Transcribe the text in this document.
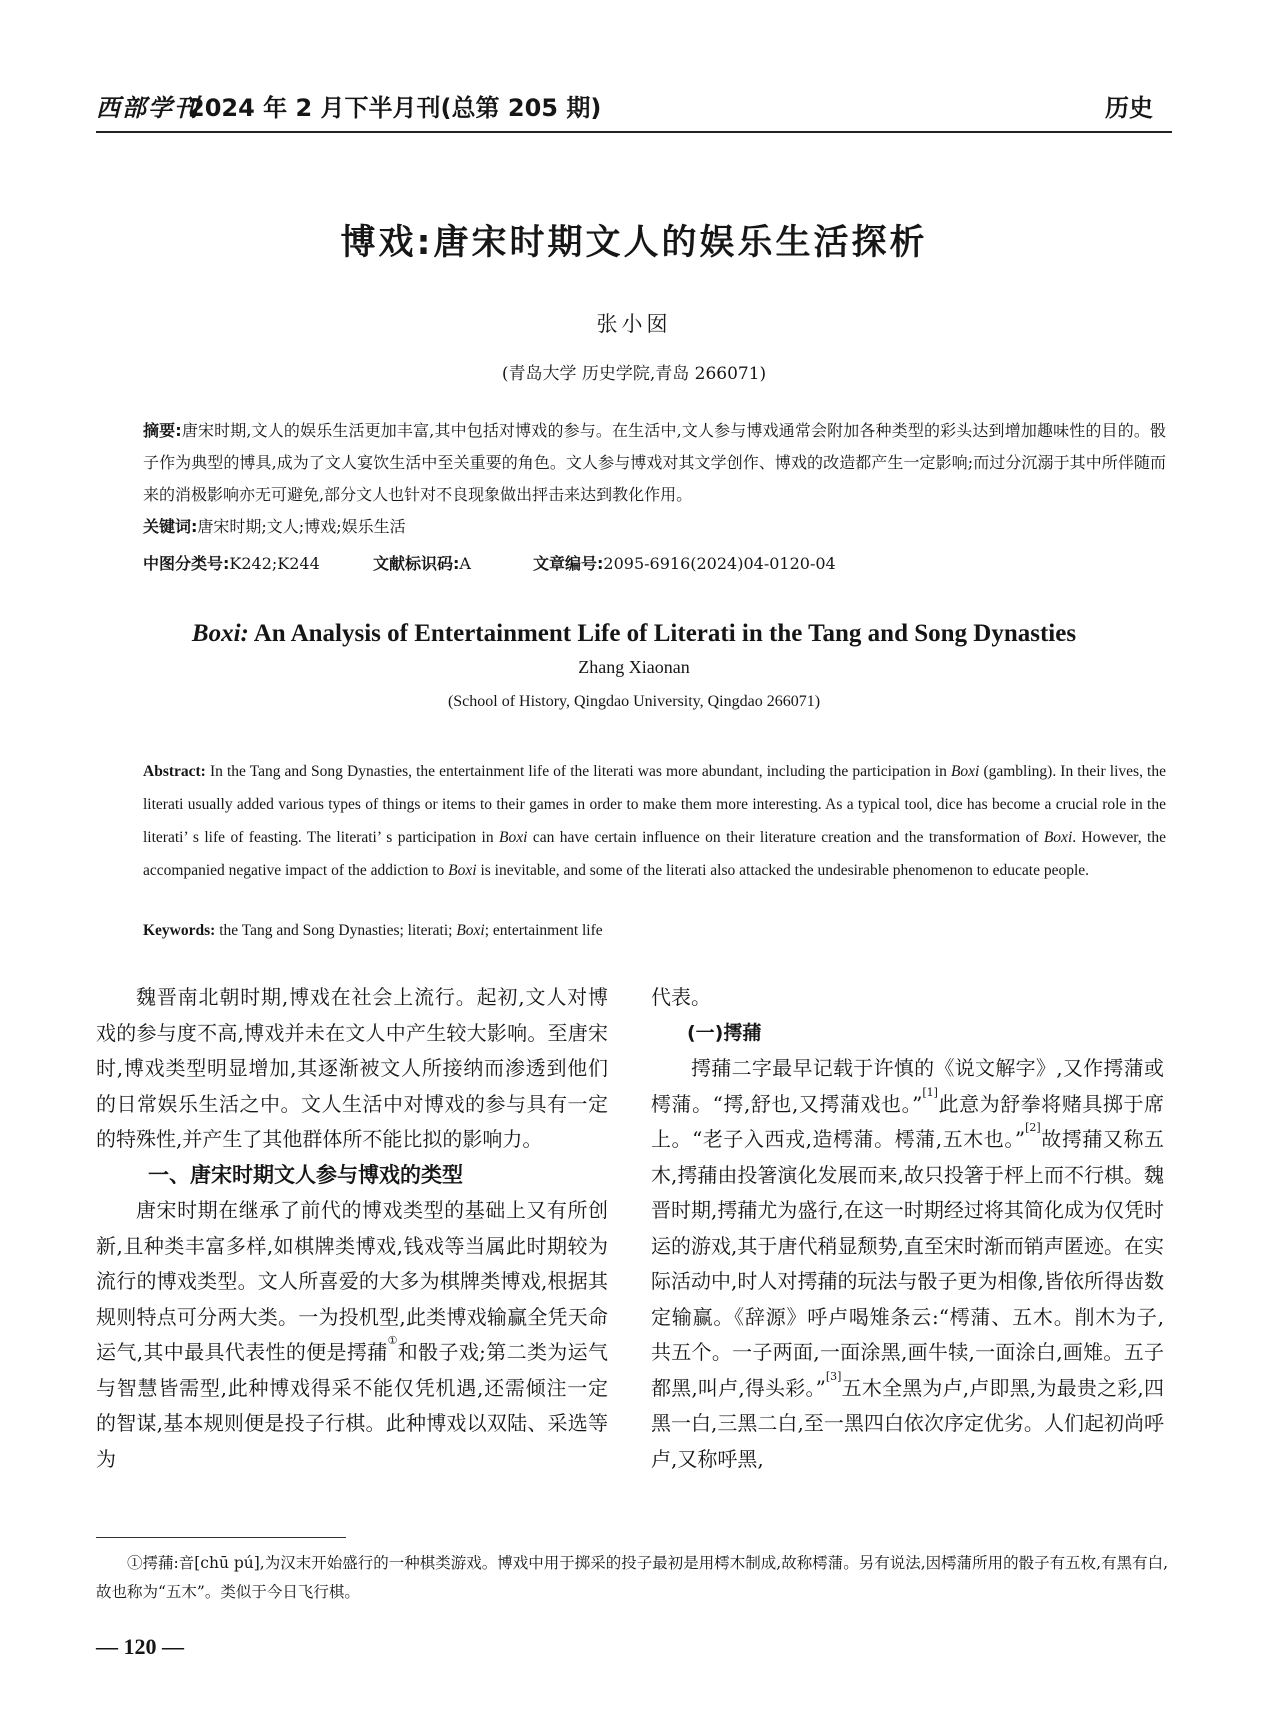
西部学刊
2024 年 2 月下半月刊(总第 205 期)	历史
博戏:唐宋时期文人的娱乐生活探析
张小囡
(青岛大学 历史学院,青岛 266071)
摘要:唐宋时期,文人的娱乐生活更加丰富,其中包括对博戏的参与。在生活中,文人参与博戏通常会附加各种类型的彩头达到增加趣味性的目的。骰子作为典型的博具,成为了文人宴饮生活中至关重要的角色。文人参与博戏对其文学创作、博戏的改造都产生一定影响;而过分沉溺于其中所伴随而来的消极影响亦无可避免,部分文人也针对不良现象做出抨击来达到教化作用。
关键词:唐宋时期;文人;博戏;娱乐生活
中图分类号:K242;K244	文献标识码:A	文章编号:2095-6916(2024)04-0120-04
Boxi: An Analysis of Entertainment Life of Literati in the Tang and Song Dynasties
Zhang Xiaonan
(School of History, Qingdao University, Qingdao 266071)
Abstract: In the Tang and Song Dynasties, the entertainment life of the literati was more abundant, including the participation in Boxi (gambling). In their lives, the literati usually added various types of things or items to their games in order to make them more interesting. As a typical tool, dice has become a crucial role in the literati’ s life of feasting. The literati’ s participation in Boxi can have certain influence on their literature creation and the transformation of Boxi. However, the accompanied negative impact of the addiction to Boxi is inevitable, and some of the literati also attacked the undesirable phenomenon to educate people.
Keywords: the Tang and Song Dynasties; literati; Boxi; entertainment life

魏晋南北朝时期,博戏在社会上流行。起初,文人对博戏的参与度不高,博戏并未在文人中产生较大影响。至唐宋时,博戏类型明显增加,其逐渐被文人所接纳而渗透到他们的日常娱乐生活之中。文人生活中对博戏的参与具有一定的特殊性,并产生了其他群体所不能比拟的影响力。

一、唐宋时期文人参与博戏的类型

唐宋时期在继承了前代的博戏类型的基础上又有所创新,且种类丰富多样,如棋牌类博戏,钱戏等当属此时期较为流行的博戏类型。文人所喜爱的大多为棋牌类博戏,根据其规则特点可分两大类。一为投机型,此类博戏输赢全凭天命运气,其中最具代表性的便是摴蒱①和骰子戏;第二类为运气与智慧皆需型,此种博戏得采不能仅凭机遇,还需倾注一定的智谋,基本规则便是投子行棋。此种博戏以双陆、采选等为

代表。

(一)摴蒱

摴蒱二字最早记载于许慎的《说文解字》,又作摴蒲或樗蒲。“摴,舒也,又摴蒲戏也。”[1]此意为舒拳将赌具掷于席上。“老子入西戎,造樗蒲。樗蒲,五木也。”[2]故摴蒱又称五木,摴蒱由投箸演化发展而来,故只投箸于枰上而不行棋。魏晋时期,摴蒱尤为盛行,在这一时期经过将其简化成为仅凭时运的游戏,其于唐代稍显颓势,直至宋时渐而销声匿迹。在实际活动中,时人对摴蒱的玩法与骰子更为相像,皆依所得齿数定输赢。《辞源》呼卢喝雉条云:“樗蒲、五木。削木为子,共五个。一子两面,一面涂黑,画牛犊,一面涂白,画雉。五子都黑,叫卢,得头彩。”[3]五木全黑为卢,卢即黑,为最贵之彩,四黑一白,三黑二白,至一黑四白依次序定优劣。人们起初尚呼卢,又称呼黑,

①摴蒱:音[chū pú],为汉末开始盛行的一种棋类游戏。博戏中用于掷采的投子最初是用樗木制成,故称樗蒲。另有说法,因樗蒲所用的骰子有五枚,有黑有白,故也称为“五木”。类似于今日飞行棋。
— 120 —
